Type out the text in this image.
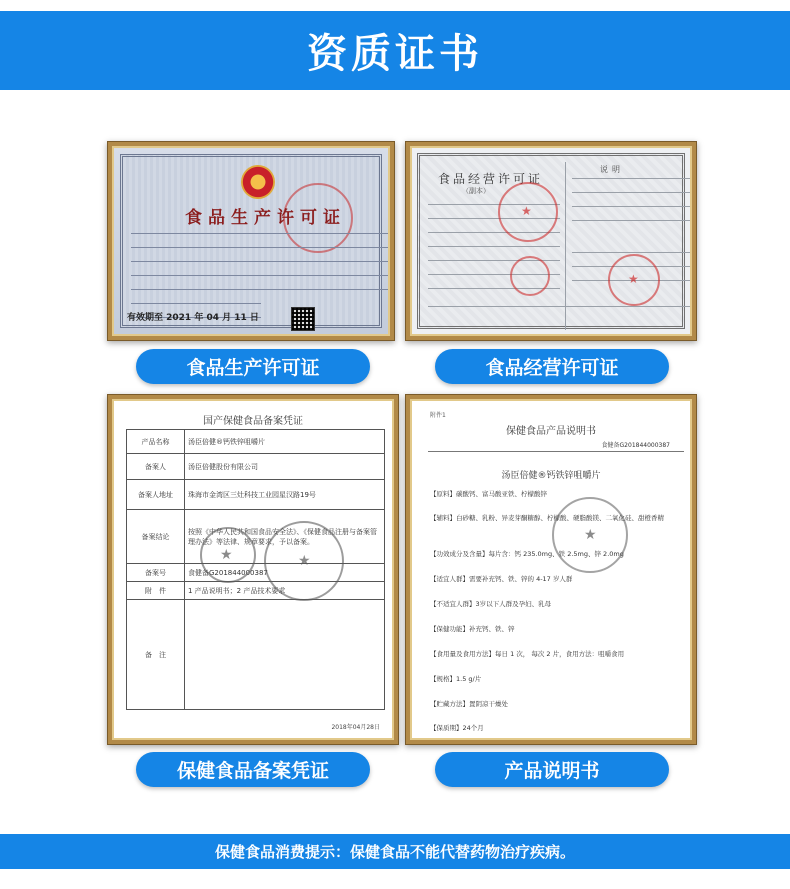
资质证书
食品生产许可证
有效期至 2021 年 04 月 11 日
食品经营许可证
（副本）
说明
★
★
食品生产许可证	食品经营许可证
国产保健食品备案凭证
产品名称	汤臣倍健®钙铁锌咀嚼片
备案人	汤臣倍健股份有限公司
备案人地址	珠海市金湾区三灶科技工业园星汉路19号
备案结论	按照《中华人民共和国食品安全法》、《保健食品注册与备案管理办法》等法律、规章要求，予以备案。
备案号	食健备G201844000387
附　件	1 产品说明书；2 产品技术要求
备　注	
★	★
2018年04月28日
附件1
保健食品产品说明书
食健备G201844000387
汤臣倍健®钙铁锌咀嚼片
【原料】碳酸钙、富马酸亚铁、柠檬酸锌
【辅料】白砂糖、乳粉、异麦芽酮糖醇、柠檬酸、硬脂酸镁、二氧化硅、甜橙香精
【功效成分及含量】每片含：钙 235.0mg、铁 2.5mg、锌 2.0mg
【适宜人群】需要补充钙、铁、锌的 4-17 岁人群
【不适宜人群】3岁以下人群及孕妇、乳母
【保健功能】补充钙、铁、锌
【食用量及食用方法】每日 1 次， 每次 2 片，食用方法：咀嚼食用
【规格】1.5 g/片
【贮藏方法】置阴凉干燥处
【保质期】24个月
★
保健食品备案凭证	产品说明书
保健食品消费提示：保健食品不能代替药物治疗疾病。
